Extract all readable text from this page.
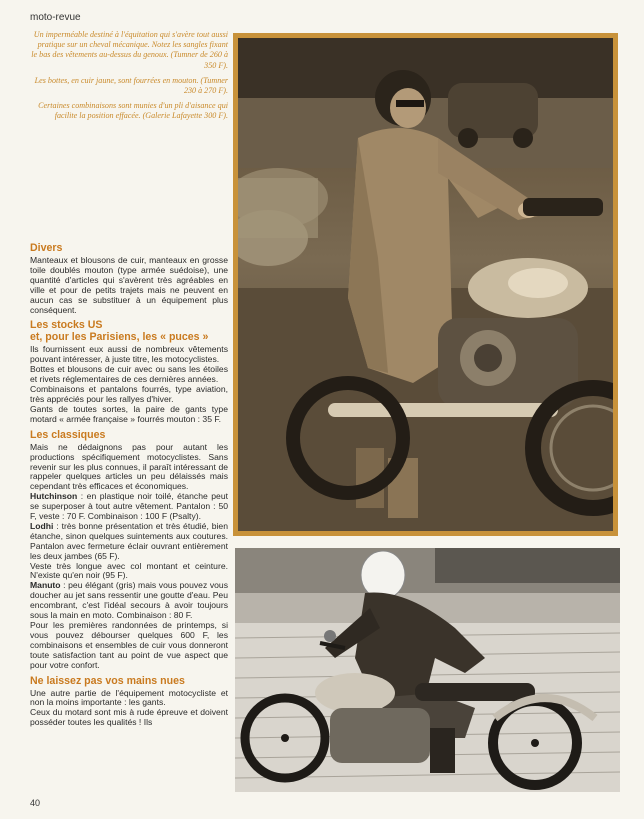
moto-revue

Un imperméable destiné à l'équitation qui s'avère tout aussi pratique sur un cheval mécanique. Notez les sangles fixant le bas des vêtements au-dessus du genoux. (Tumner de 260 à 350 F).

Les bottes, en cuir jaune, sont fourrées en mouton. (Tumner 230 à 270 F).

Certaines combinaisons sont munies d'un pli d'aisance qui facilite la position effacée. (Galerie Lafayette 300 F).

Divers

Manteaux et blousons de cuir, manteaux en grosse toile doublés mouton (type armée suédoise), une quantité d'articles qui s'avèrent très agréables en ville et pour de petits trajets mais ne peuvent en aucun cas se substituer à un équipement plus conséquent.

Les stocks US
et, pour les Parisiens, les « puces »

Ils fournissent eux aussi de nombreux vêtements pouvant intéresser, à juste titre, les motocyclistes.

Bottes et blousons de cuir avec ou sans les étoiles et rivets réglementaires de ces dernières années.

Combinaisons et pantalons fourrés, type aviation, très appréciés pour les rallyes d'hiver.

Gants de toutes sortes, la paire de gants type motard « armée française » fourrés mouton : 35 F.

Les classiques

Mais ne dédaignons pas pour autant les productions spécifiquement motocyclistes. Sans revenir sur les plus connues, il paraît intéressant de rappeler quelques articles un peu délaissés mais cependant très efficaces et économiques.

Hutchinson : en plastique noir toilé, étanche peut se superposer à tout autre vêtement. Pantalon : 50 F, veste : 70 F. Combinaison : 100 F (Psalty).

Lodhi : très bonne présentation et très étudié, bien étanche, sinon quelques suintements aux coutures. Pantalon avec fermeture éclair ouvrant entièrement les deux jambes (65 F).

Veste très longue avec col montant et ceinture. N'existe qu'en noir (95 F).

Manuto : peu élégant (gris) mais vous pouvez vous doucher au jet sans ressentir une goutte d'eau. Peu encombrant, c'est l'idéal secours à avoir toujours sous la main en moto. Combinaison : 80 F.

Pour les premières randonnées de printemps, si vous pouvez débourser quelques 600 F, les combinaisons et ensembles de cuir vous donneront toute satisfaction tant au point de vue aspect que pour votre confort.

Ne laissez pas vos mains nues

Une autre partie de l'équipement motocycliste et non la moins importante : les gants.

Ceux du motard sont mis à rude épreuve et doivent posséder toutes les qualités ! Ils

40
